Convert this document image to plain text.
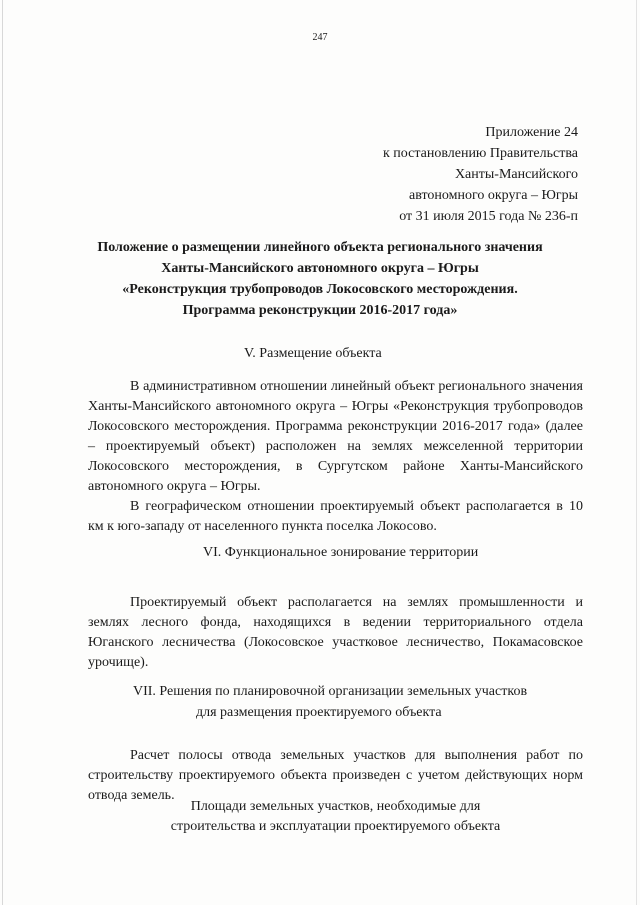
247
Приложение 24
к постановлению Правительства
Ханты-Мансийского
автономного округа – Югры
от 31 июля 2015 года № 236-п
Положение о размещении линейного объекта регионального значения
Ханты-Мансийского автономного округа – Югры
«Реконструкция трубопроводов Локосовского месторождения.
Программа реконструкции 2016-2017 года»
V. Размещение объекта

В административном отношении линейный объект регионального значения Ханты-Мансийского автономного округа – Югры «Реконструкция трубопроводов Локосовского месторождения. Программа реконструкции 2016-2017 года» (далее – проектируемый объект) расположен на землях межселенной территории Локосовского месторождения, в Сургутском районе Ханты-Мансийского автономного округа – Югры.

В географическом отношении проектируемый объект располагается в 10 км к юго-западу от населенного пункта поселка Локосово.

VI. Функциональное зонирование территории

Проектируемый объект располагается на землях промышленности и землях лесного фонда, находящихся в ведении территориального отдела Юганского лесничества (Локосовское участковое лесничество, Покамасовское урочище).

VII. Решения по планировочной организации земельных участков
для размещения проектируемого объекта

Расчет полосы отвода земельных участков для выполнения работ по строительству проектируемого объекта произведен с учетом действующих норм отвода земель.

Площади земельных участков, необходимые для
строительства и эксплуатации проектируемого объекта
